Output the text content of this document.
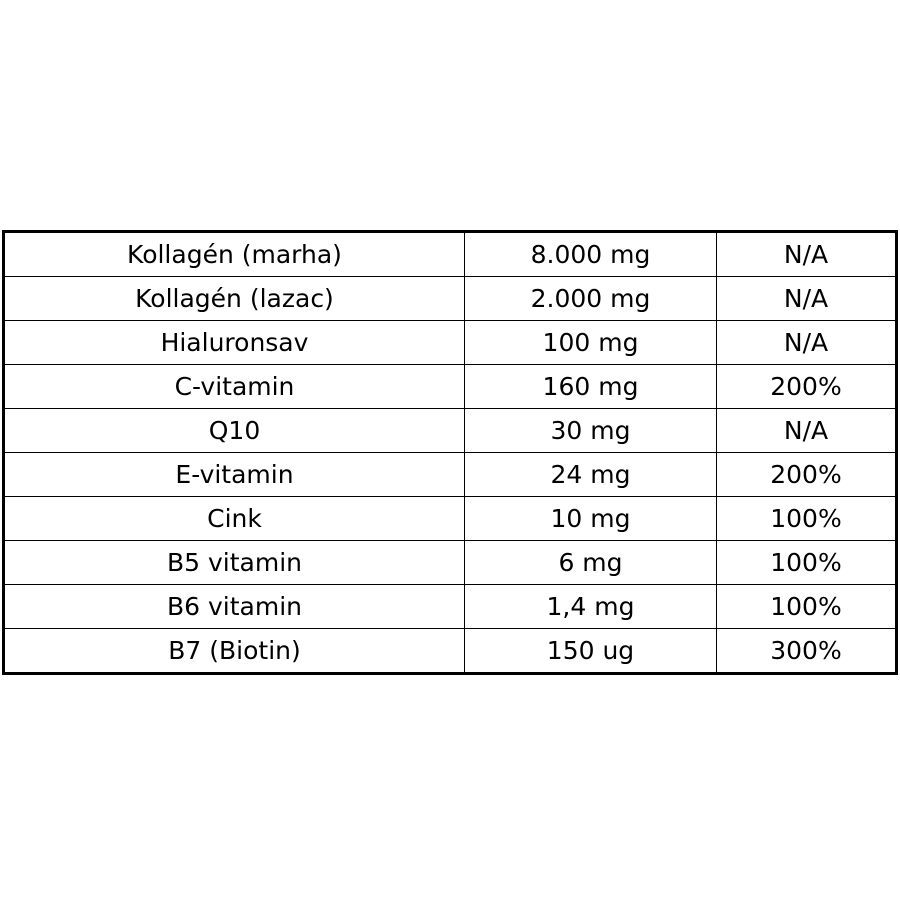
Kollagén (marha)	8.000 mg	N/A
Kollagén (lazac)	2.000 mg	N/A
Hialuronsav	100 mg	N/A
C-vitamin	160 mg	200%
Q10	30 mg	N/A
E-vitamin	24 mg	200%
Cink	10 mg	100%
B5 vitamin	6 mg	100%
B6 vitamin	1,4 mg	100%
B7 (Biotin)	150 ug	300%
